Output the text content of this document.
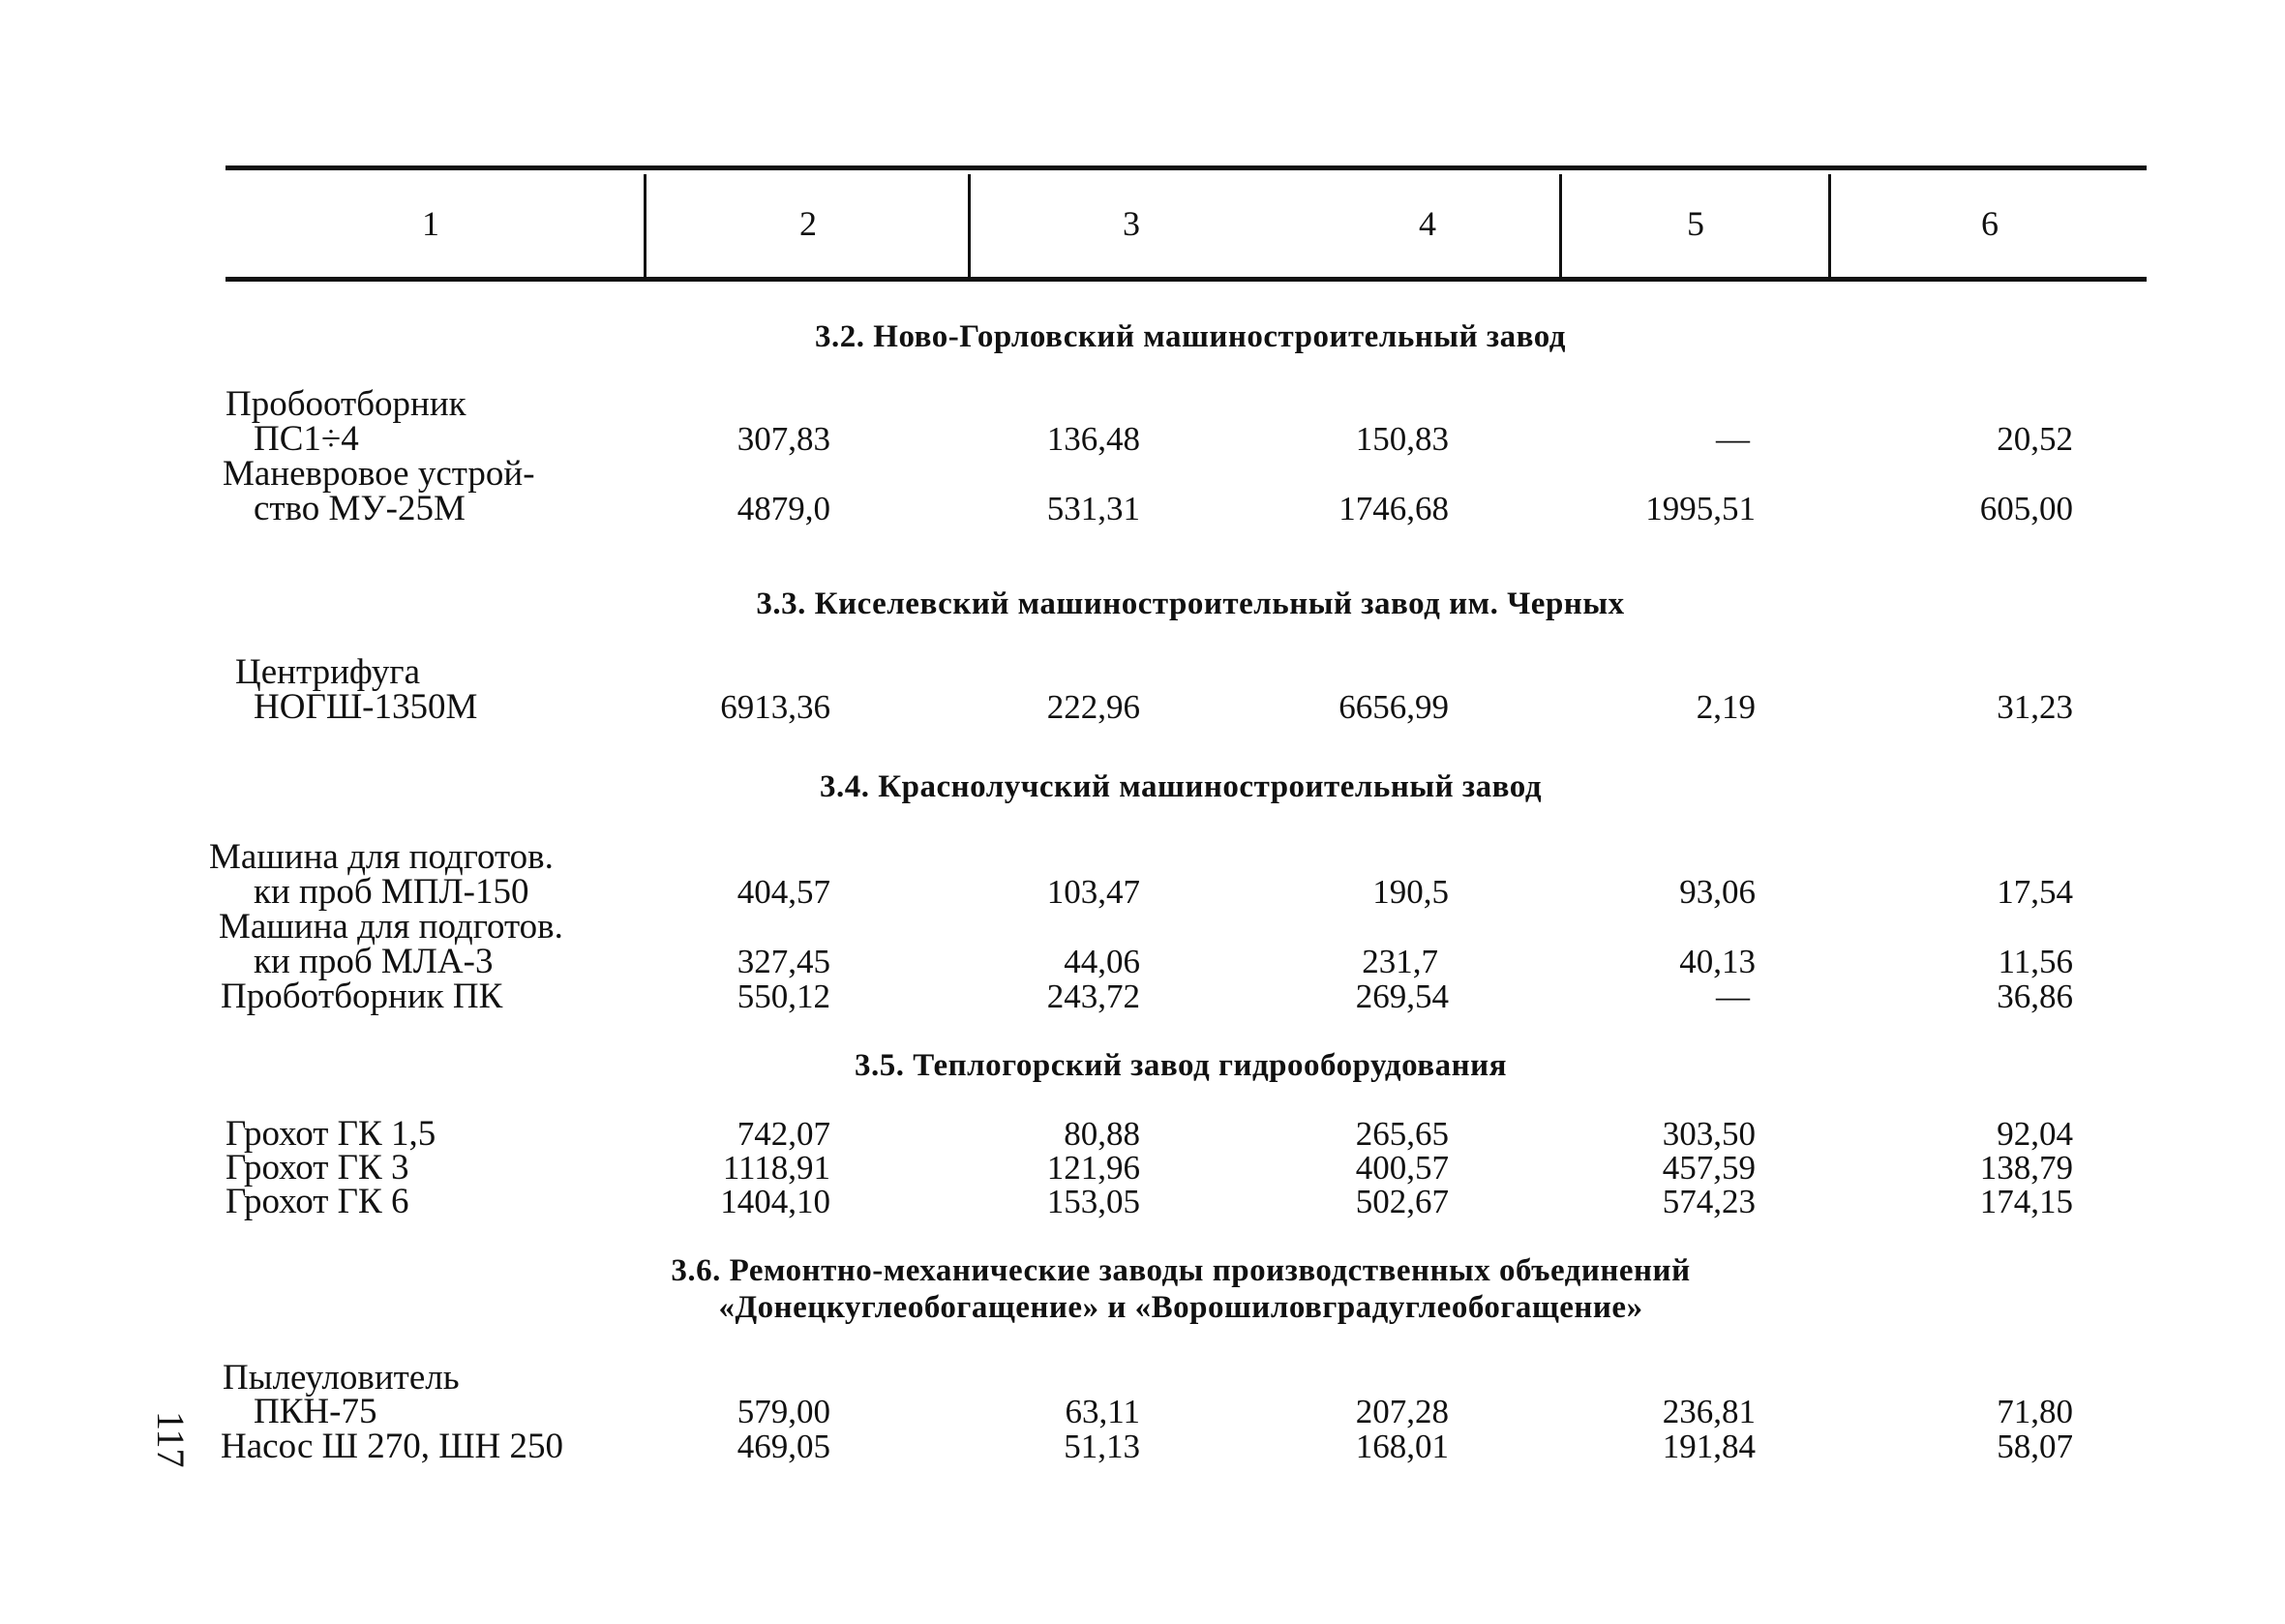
1	2	3	4	5	6
3.2. Ново-Горловский машиностроительный завод
Пробоотборник
ПС1÷4	307,83	136,48	150,83	—	20,52
Маневровое устрой-
ство МУ-25М	4879,0	531,31	1746,68	1995,51	605,00
3.3. Киселевский машиностроительный завод им. Черных
Центрифуга
НОГШ-1350М	6913,36	222,96	6656,99	2,19	31,23
3.4. Краснолучский машиностроительный завод
Машина для подготов.
ки проб МПЛ-150	404,57	103,47	190,5	93,06	17,54
Машина для подготов.
ки проб МЛА-3	327,45	44,06	231,7	40,13	11,56
Пробoтборник ПК	550,12	243,72	269,54	—	36,86
3.5. Теплогорский завод гидрооборудования
Грохот ГК 1,5	742,07	80,88	265,65	303,50	92,04
Грохот ГК 3	1118,91	121,96	400,57	457,59	138,79
Грохот ГК 6	1404,10	153,05	502,67	574,23	174,15
3.6. Ремонтно-механические заводы производственных объединений
«Донецкуглеобогащение» и «Ворошиловградуглеобогащение»
Пылеуловитель
ПКН-75	579,00	63,11	207,28	236,81	71,80
Насос Ш 270, ШН 250	469,05	51,13	168,01	191,84	58,07
117
